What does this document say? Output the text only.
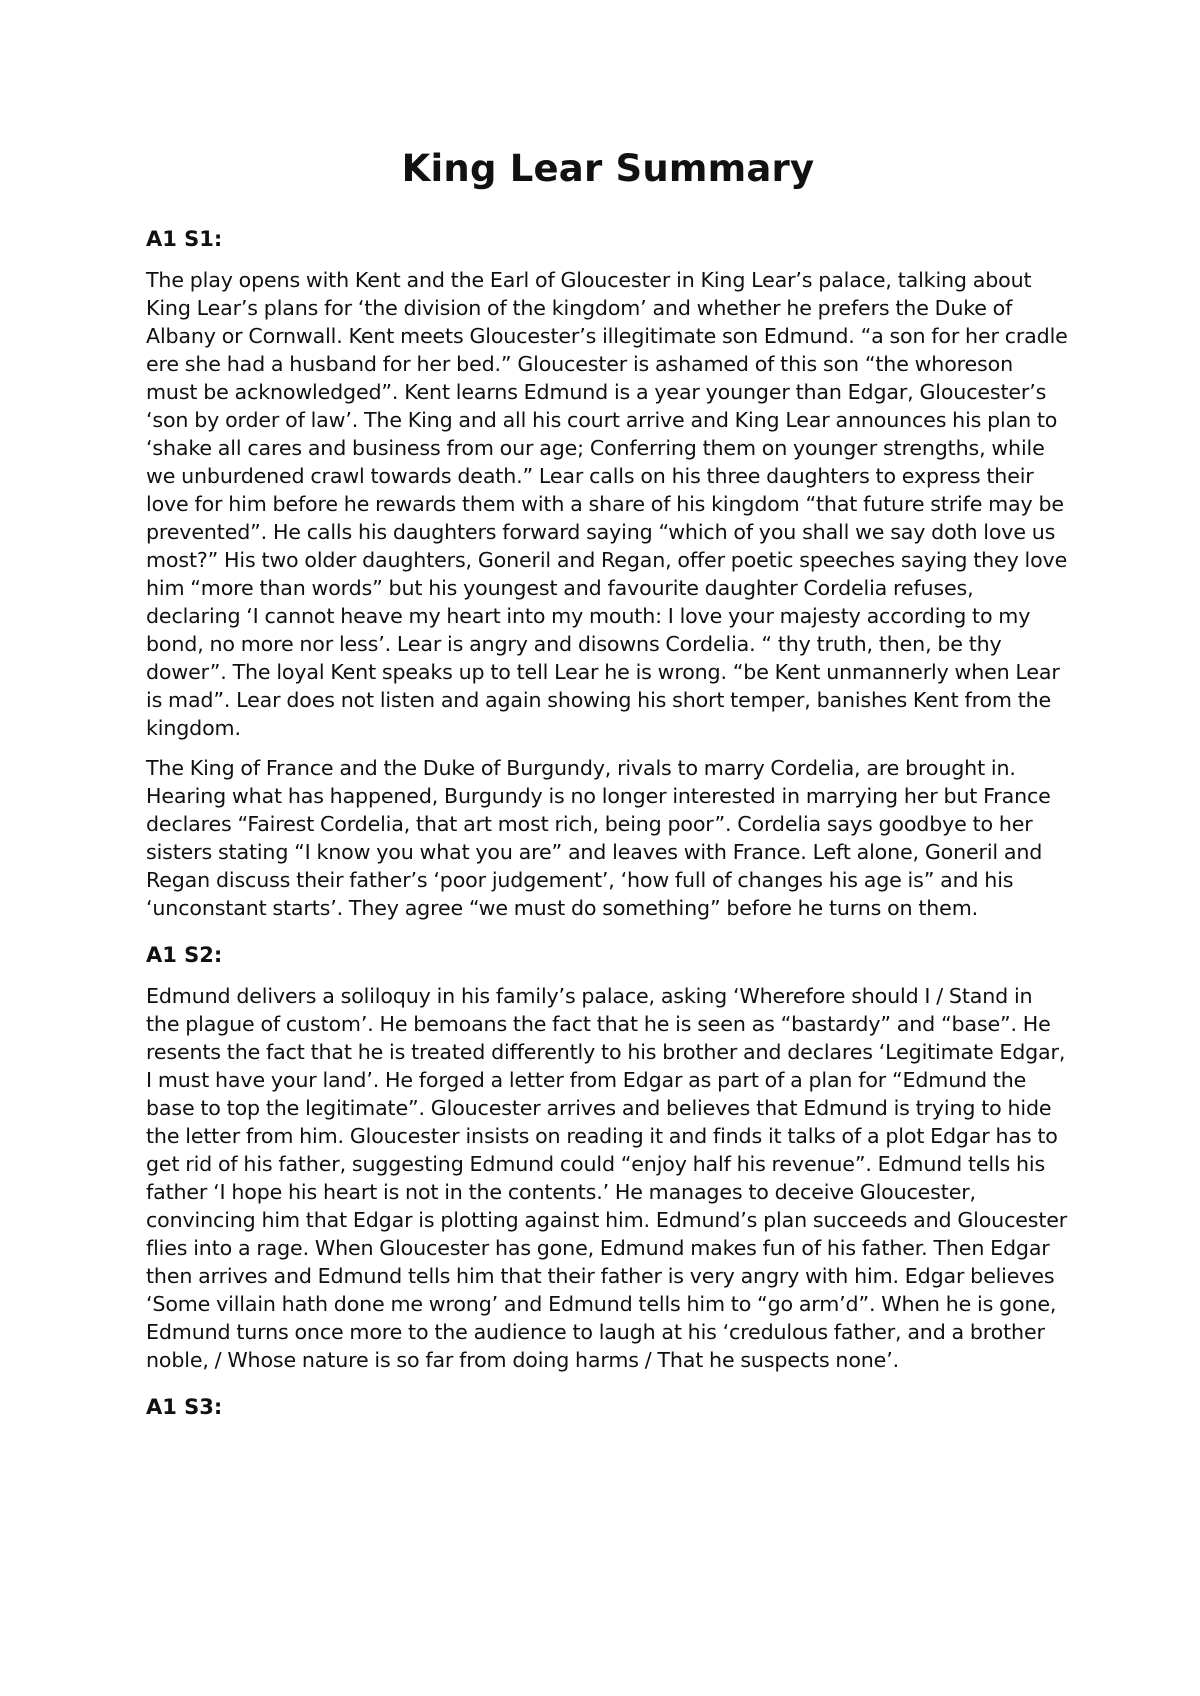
King Lear Summary
A1 S1:

The play opens with Kent and the Earl of Gloucester in King Lear’s palace, talking about King Lear’s plans for ‘the division of the kingdom’ and whether he prefers the Duke of Albany or Cornwall. Kent meets Gloucester’s illegitimate son Edmund. “a son for her cradle ere she had a husband for her bed.” Gloucester is ashamed of this son “the whoreson must be acknowledged”. Kent learns Edmund is a year younger than Edgar, Gloucester’s ‘son by order of law’. The King and all his court arrive and King Lear announces his plan to ‘shake all cares and business from our age; Conferring them on younger strengths, while we unburdened crawl towards death.” Lear calls on his three daughters to express their love for him before he rewards them with a share of his kingdom “that future strife may be prevented”. He calls his daughters forward saying “which of you shall we say doth love us most?” His two older daughters, Goneril and Regan, offer poetic speeches saying they love him “more than words” but his youngest and favourite daughter Cordelia refuses, declaring ‘I cannot heave my heart into my mouth: I love your majesty according to my bond, no more nor less’. Lear is angry and disowns Cordelia. “ thy truth, then, be thy dower”. The loyal Kent speaks up to tell Lear he is wrong. “be Kent unmannerly when Lear is mad”. Lear does not listen and again showing his short temper, banishes Kent from the kingdom.

The King of France and the Duke of Burgundy, rivals to marry Cordelia, are brought in. Hearing what has happened, Burgundy is no longer interested in marrying her but France declares “Fairest Cordelia, that art most rich, being poor”. Cordelia says goodbye to her sisters stating “I know you what you are” and leaves with France. Left alone, Goneril and Regan discuss their father’s ‘poor judgement’, ‘how full of changes his age is” and his ‘unconstant starts’. They agree “we must do something” before he turns on them.

A1 S2:

Edmund delivers a soliloquy in his family’s palace, asking ‘Wherefore should I / Stand in the plague of custom’. He bemoans the fact that he is seen as “bastardy” and “base”. He resents the fact that he is treated differently to his brother and declares ‘Legitimate Edgar, I must have your land’. He forged a letter from Edgar as part of a plan for “Edmund the base to top the legitimate”. Gloucester arrives and believes that Edmund is trying to hide the letter from him. Gloucester insists on reading it and finds it talks of a plot Edgar has to get rid of his father, suggesting Edmund could “enjoy half his revenue”. Edmund tells his father ‘I hope his heart is not in the contents.’ He manages to deceive Gloucester, convincing him that Edgar is plotting against him. Edmund’s plan succeeds and Gloucester flies into a rage. When Gloucester has gone, Edmund makes fun of his father. Then Edgar then arrives and Edmund tells him that their father is very angry with him. Edgar believes ‘Some villain hath done me wrong’ and Edmund tells him to “go arm’d”. When he is gone, Edmund turns once more to the audience to laugh at his ‘credulous father, and a brother noble, / Whose nature is so far from doing harms / That he suspects none’.

A1 S3:
